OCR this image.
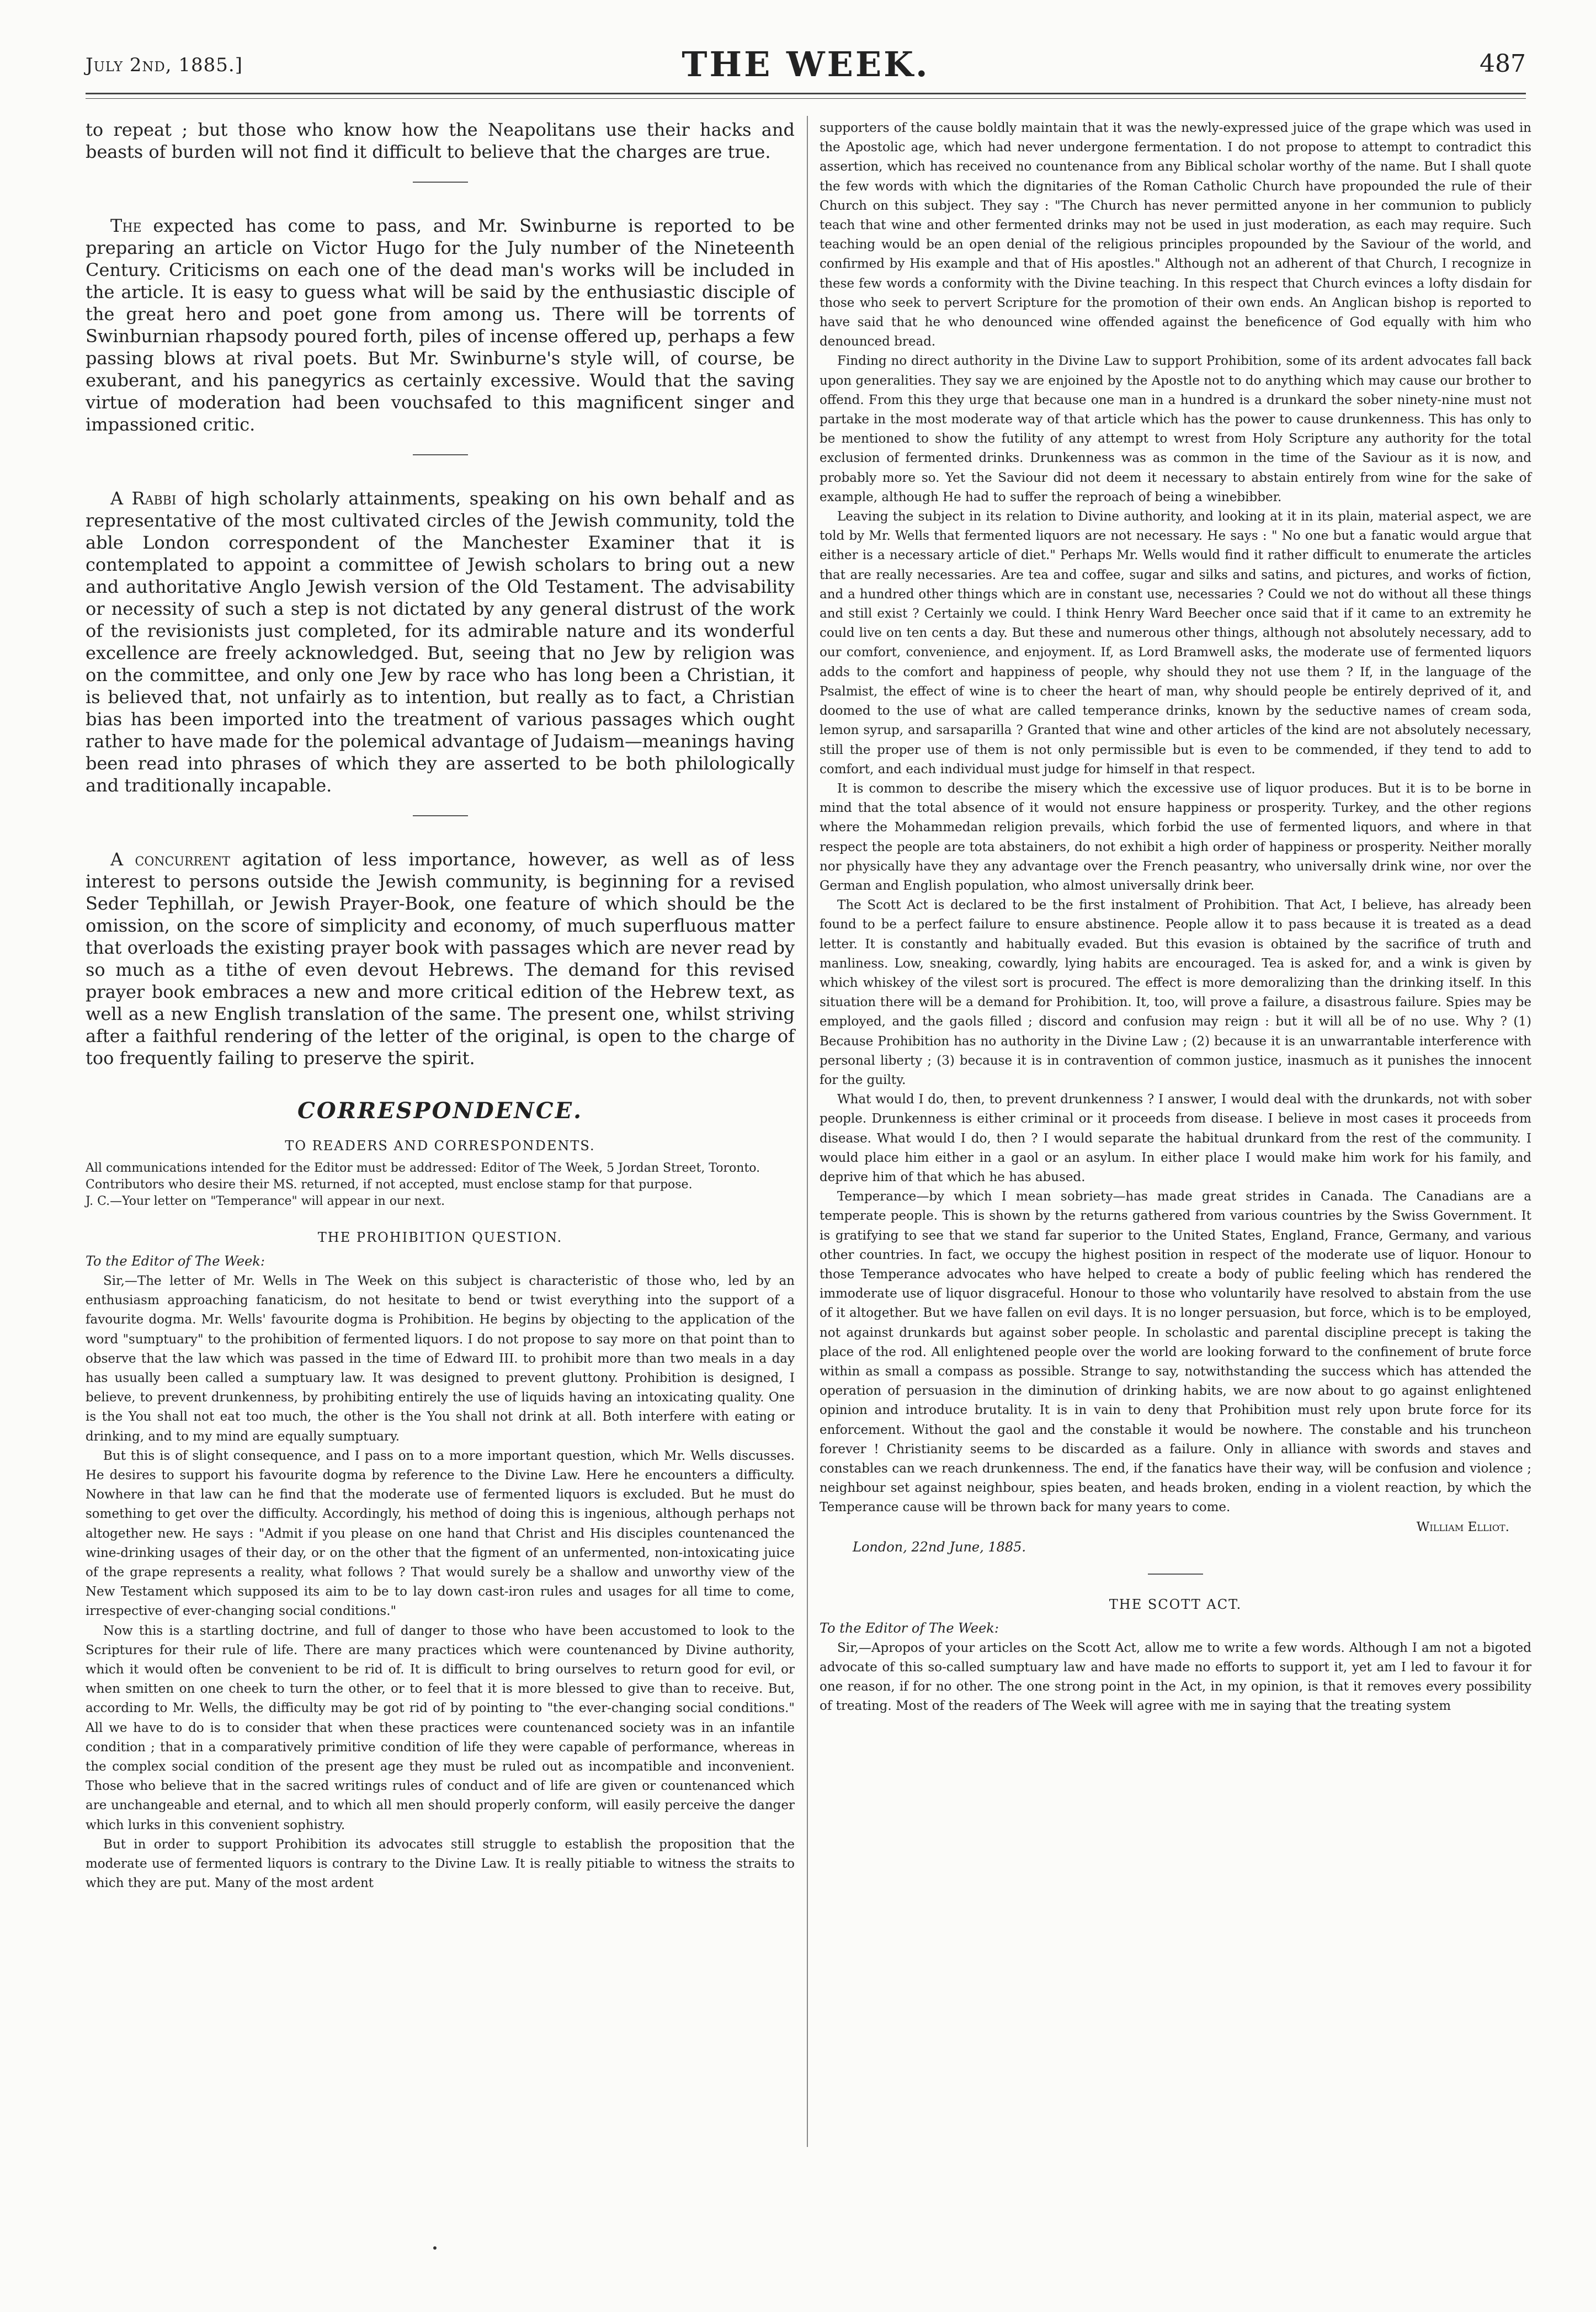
July 2nd, 1885.]	THE WEEK.	487

to repeat ; but those who know how the Neapolitans use their hacks and beasts of burden will not find it difficult to believe that the charges are true.

The expected has come to pass, and Mr. Swinburne is reported to be preparing an article on Victor Hugo for the July number of the Nineteenth Century. Criticisms on each one of the dead man's works will be included in the article. It is easy to guess what will be said by the enthusiastic disciple of the great hero and poet gone from among us. There will be torrents of Swinburnian rhapsody poured forth, piles of incense offered up, perhaps a few passing blows at rival poets. But Mr. Swinburne's style will, of course, be exuberant, and his panegyrics as certainly excessive. Would that the saving virtue of moderation had been vouchsafed to this magnificent singer and impassioned critic.

A Rabbi of high scholarly attainments, speaking on his own behalf and as representative of the most cultivated circles of the Jewish community, told the able London correspondent of the Manchester Examiner that it is contemplated to appoint a committee of Jewish scholars to bring out a new and authoritative Anglo Jewish version of the Old Testament. The advisability or necessity of such a step is not dictated by any general distrust of the work of the revisionists just completed, for its admirable nature and its wonderful excellence are freely acknowledged. But, seeing that no Jew by religion was on the committee, and only one Jew by race who has long been a Christian, it is believed that, not unfairly as to intention, but really as to fact, a Christian bias has been imported into the treatment of various passages which ought rather to have made for the polemical advantage of Judaism—meanings having been read into phrases of which they are asserted to be both philologically and traditionally incapable.

A concurrent agitation of less importance, however, as well as of less interest to persons outside the Jewish community, is beginning for a revised Seder Tephillah, or Jewish Prayer-Book, one feature of which should be the omission, on the score of simplicity and economy, of much superfluous matter that overloads the existing prayer book with passages which are never read by so much as a tithe of even devout Hebrews. The demand for this revised prayer book embraces a new and more critical edition of the Hebrew text, as well as a new English translation of the same. The present one, whilst striving after a faithful rendering of the letter of the original, is open to the charge of too frequently failing to preserve the spirit.

CORRESPONDENCE.
TO READERS AND CORRESPONDENTS.

All communications intended for the Editor must be addressed: Editor of The Week, 5 Jordan Street, Toronto.

Contributors who desire their MS. returned, if not accepted, must enclose stamp for that purpose.

J. C.—Your letter on "Temperance" will appear in our next.

THE PROHIBITION QUESTION.
To the Editor of The Week:

Sir,—The letter of Mr. Wells in The Week on this subject is characteristic of those who, led by an enthusiasm approaching fanaticism, do not hesitate to bend or twist everything into the support of a favourite dogma. Mr. Wells' favourite dogma is Prohibition. He begins by objecting to the application of the word "sumptuary" to the prohibition of fermented liquors. I do not propose to say more on that point than to observe that the law which was passed in the time of Edward III. to prohibit more than two meals in a day has usually been called a sumptuary law. It was designed to prevent gluttony. Prohibition is designed, I believe, to prevent drunkenness, by prohibiting entirely the use of liquids having an intoxicating quality. One is the You shall not eat too much, the other is the You shall not drink at all. Both interfere with eating or drinking, and to my mind are equally sumptuary.

But this is of slight consequence, and I pass on to a more important question, which Mr. Wells discusses. He desires to support his favourite dogma by reference to the Divine Law. Here he encounters a difficulty. Nowhere in that law can he find that the moderate use of fermented liquors is excluded. But he must do something to get over the difficulty. Accordingly, his method of doing this is ingenious, although perhaps not altogether new. He says : "Admit if you please on one hand that Christ and His disciples countenanced the wine-drinking usages of their day, or on the other that the figment of an unfermented, non-intoxicating juice of the grape represents a reality, what follows ? That would surely be a shallow and unworthy view of the New Testament which supposed its aim to be to lay down cast-iron rules and usages for all time to come, irrespective of ever-changing social conditions."

Now this is a startling doctrine, and full of danger to those who have been accustomed to look to the Scriptures for their rule of life. There are many practices which were countenanced by Divine authority, which it would often be convenient to be rid of. It is difficult to bring ourselves to return good for evil, or when smitten on one cheek to turn the other, or to feel that it is more blessed to give than to receive. But, according to Mr. Wells, the difficulty may be got rid of by pointing to "the ever-changing social conditions." All we have to do is to consider that when these practices were countenanced society was in an infantile condition ; that in a comparatively primitive condition of life they were capable of performance, whereas in the complex social condition of the present age they must be ruled out as incompatible and inconvenient. Those who believe that in the sacred writings rules of conduct and of life are given or countenanced which are unchangeable and eternal, and to which all men should properly conform, will easily perceive the danger which lurks in this convenient sophistry.

But in order to support Prohibition its advocates still struggle to establish the proposition that the moderate use of fermented liquors is contrary to the Divine Law. It is really pitiable to witness the straits to which they are put. Many of the most ardent

supporters of the cause boldly maintain that it was the newly-expressed juice of the grape which was used in the Apostolic age, which had never undergone fermentation. I do not propose to attempt to contradict this assertion, which has received no countenance from any Biblical scholar worthy of the name. But I shall quote the few words with which the dignitaries of the Roman Catholic Church have propounded the rule of their Church on this subject. They say : "The Church has never permitted anyone in her communion to publicly teach that wine and other fermented drinks may not be used in just moderation, as each may require. Such teaching would be an open denial of the religious principles propounded by the Saviour of the world, and confirmed by His example and that of His apostles." Although not an adherent of that Church, I recognize in these few words a conformity with the Divine teaching. In this respect that Church evinces a lofty disdain for those who seek to pervert Scripture for the promotion of their own ends. An Anglican bishop is reported to have said that he who denounced wine offended against the beneficence of God equally with him who denounced bread.

Finding no direct authority in the Divine Law to support Prohibition, some of its ardent advocates fall back upon generalities. They say we are enjoined by the Apostle not to do anything which may cause our brother to offend. From this they urge that because one man in a hundred is a drunkard the sober ninety-nine must not partake in the most moderate way of that article which has the power to cause drunkenness. This has only to be mentioned to show the futility of any attempt to wrest from Holy Scripture any authority for the total exclusion of fermented drinks. Drunkenness was as common in the time of the Saviour as it is now, and probably more so. Yet the Saviour did not deem it necessary to abstain entirely from wine for the sake of example, although He had to suffer the reproach of being a winebibber.

Leaving the subject in its relation to Divine authority, and looking at it in its plain, material aspect, we are told by Mr. Wells that fermented liquors are not necessary. He says : " No one but a fanatic would argue that either is a necessary article of diet." Perhaps Mr. Wells would find it rather difficult to enumerate the articles that are really necessaries. Are tea and coffee, sugar and silks and satins, and pictures, and works of fiction, and a hundred other things which are in constant use, necessaries ? Could we not do without all these things and still exist ? Certainly we could. I think Henry Ward Beecher once said that if it came to an extremity he could live on ten cents a day. But these and numerous other things, although not absolutely necessary, add to our comfort, convenience, and enjoyment. If, as Lord Bramwell asks, the moderate use of fermented liquors adds to the comfort and happiness of people, why should they not use them ? If, in the language of the Psalmist, the effect of wine is to cheer the heart of man, why should people be entirely deprived of it, and doomed to the use of what are called temperance drinks, known by the seductive names of cream soda, lemon syrup, and sarsaparilla ? Granted that wine and other articles of the kind are not absolutely necessary, still the proper use of them is not only permissible but is even to be commended, if they tend to add to comfort, and each individual must judge for himself in that respect.

It is common to describe the misery which the excessive use of liquor produces. But it is to be borne in mind that the total absence of it would not ensure happiness or prosperity. Turkey, and the other regions where the Mohammedan religion prevails, which forbid the use of fermented liquors, and where in that respect the people are tota abstainers, do not exhibit a high order of happiness or prosperity. Neither morally nor physically have they any advantage over the French peasantry, who universally drink wine, nor over the German and English population, who almost universally drink beer.

The Scott Act is declared to be the first instalment of Prohibition. That Act, I believe, has already been found to be a perfect failure to ensure abstinence. People allow it to pass because it is treated as a dead letter. It is constantly and habitually evaded. But this evasion is obtained by the sacrifice of truth and manliness. Low, sneaking, cowardly, lying habits are encouraged. Tea is asked for, and a wink is given by which whiskey of the vilest sort is procured. The effect is more demoralizing than the drinking itself. In this situation there will be a demand for Prohibition. It, too, will prove a failure, a disastrous failure. Spies may be employed, and the gaols filled ; discord and confusion may reign : but it will all be of no use. Why ? (1) Because Prohibition has no authority in the Divine Law ; (2) because it is an unwarrantable interference with personal liberty ; (3) because it is in contravention of common justice, inasmuch as it punishes the innocent for the guilty.

What would I do, then, to prevent drunkenness ? I answer, I would deal with the drunkards, not with sober people. Drunkenness is either criminal or it proceeds from disease. I believe in most cases it proceeds from disease. What would I do, then ? I would separate the habitual drunkard from the rest of the community. I would place him either in a gaol or an asylum. In either place I would make him work for his family, and deprive him of that which he has abused.

Temperance—by which I mean sobriety—has made great strides in Canada. The Canadians are a temperate people. This is shown by the returns gathered from various countries by the Swiss Government. It is gratifying to see that we stand far superior to the United States, England, France, Germany, and various other countries. In fact, we occupy the highest position in respect of the moderate use of liquor. Honour to those Temperance advocates who have helped to create a body of public feeling which has rendered the immoderate use of liquor disgraceful. Honour to those who voluntarily have resolved to abstain from the use of it altogether. But we have fallen on evil days. It is no longer persuasion, but force, which is to be employed, not against drunkards but against sober people. In scholastic and parental discipline precept is taking the place of the rod. All enlightened people over the world are looking forward to the confinement of brute force within as small a compass as possible. Strange to say, notwithstanding the success which has attended the operation of persuasion in the diminution of drinking habits, we are now about to go against enlightened opinion and introduce brutality. It is in vain to deny that Prohibition must rely upon brute force for its enforcement. Without the gaol and the constable it would be nowhere. The constable and his truncheon forever ! Christianity seems to be discarded as a failure. Only in alliance with swords and staves and constables can we reach drunkenness. The end, if the fanatics have their way, will be confusion and violence ; neighbour set against neighbour, spies beaten, and heads broken, ending in a violent reaction, by which the Temperance cause will be thrown back for many years to come.

William Elliot.
London, 22nd June, 1885.
THE SCOTT ACT.
To the Editor of The Week:

Sir,—Apropos of your articles on the Scott Act, allow me to write a few words. Although I am not a bigoted advocate of this so-called sumptuary law and have made no efforts to support it, yet am I led to favour it for one reason, if for no other. The one strong point in the Act, in my opinion, is that it removes every possibility of treating. Most of the readers of The Week will agree with me in saying that the treating system
